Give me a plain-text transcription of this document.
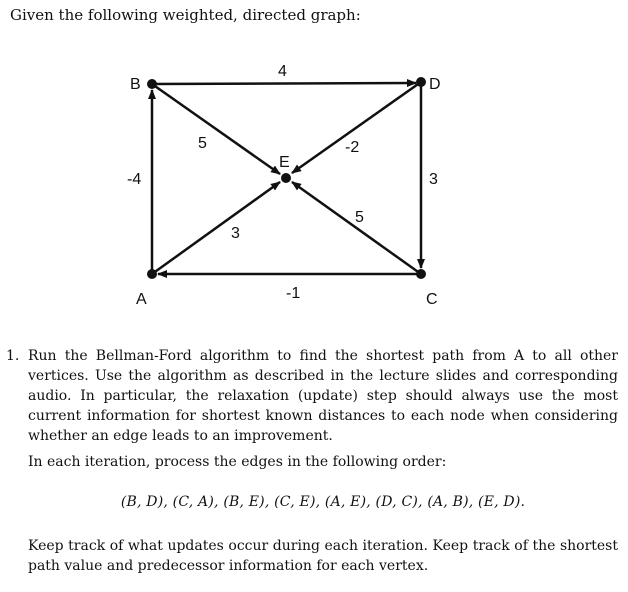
Given the following weighted, directed graph:
B	D
E
A	C
4
5	-2
-4	3
3
5
-1
1. Run the Bellman-Ford algorithm to find the shortest path from A to all other vertices. Use the algorithm as described in the lecture slides and corresponding audio. In particular, the relaxation (update) step should always use the most current information for shortest known distances to each node when considering whether an edge leads to an improvement.

In each iteration, process the edges in the following order:

(B, D), (C, A), (B, E), (C, E), (A, E), (D, C), (A, B), (E, D).

Keep track of what updates occur during each iteration. Keep track of the shortest path value and predecessor information for each vertex.
